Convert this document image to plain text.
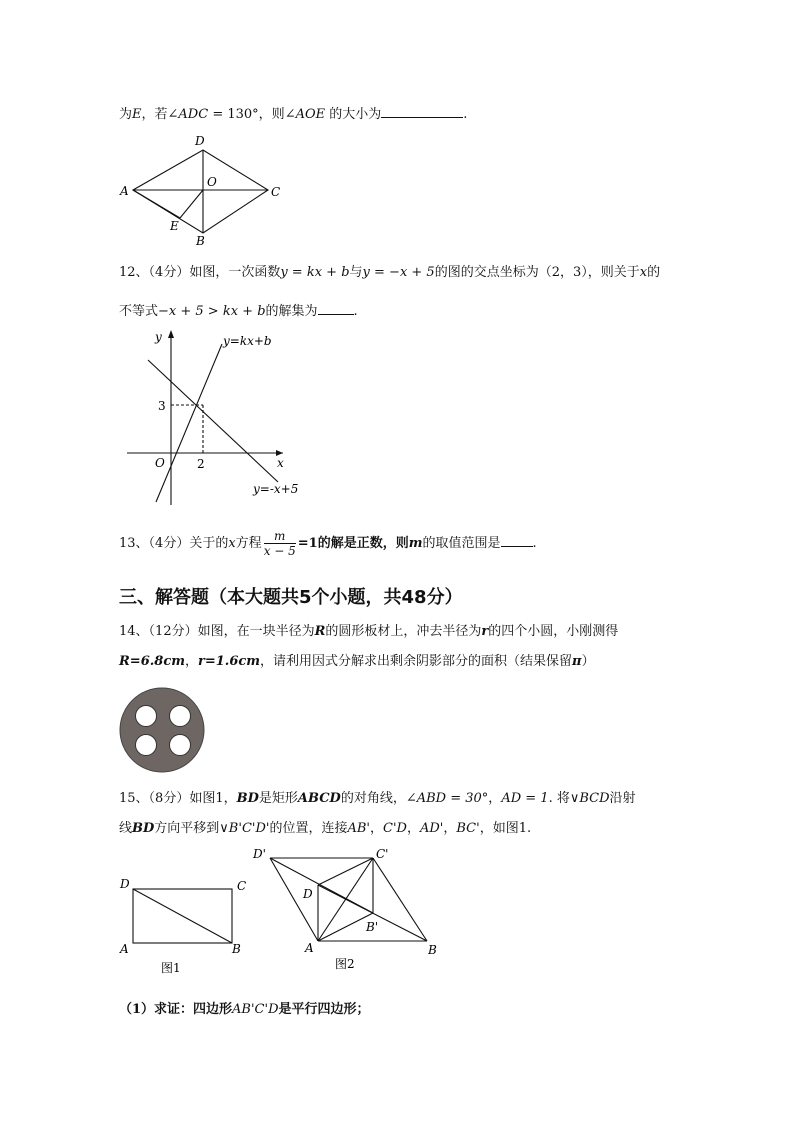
为E，若∠ADC = 130°，则∠AOE 的大小为	.
D
A	C
O
E
B
12、（4分）如图，一次函数y = kx + b与y = −x + 5的图的交点坐标为（2，3），则关于x的
不等式−x + 5 > kx + b的解集为	.
y
x
O	2
3
y=kx+b
y=-x+5
13、（4分）关于的x方程 $\frac{m}{x - 5} =1$的解是正数，则m的取值范围是 .
三、解答题（本大题共5个小题，共48分）
14、（12分）如图，在一块半径为R的圆形板材上，冲去半径为r的四个小圆，小刚测得
R=6.8cm，r=1.6cm，请利用因式分解求出剩余阴影部分的面积（结果保留π）
15、（8分）如图1，BD是矩形ABCD的对角线，∠ABD = 30°，AD = 1. 将∨BCD沿射
线BD方向平移到∨B'C'D'的位置，连接AB'，C'D，AD'，BC'，如图1.
D	C
A	B
图1
D'	C'
D
B'
A	B
图2
（1）求证：四边形AB'C'D是平行四边形；
